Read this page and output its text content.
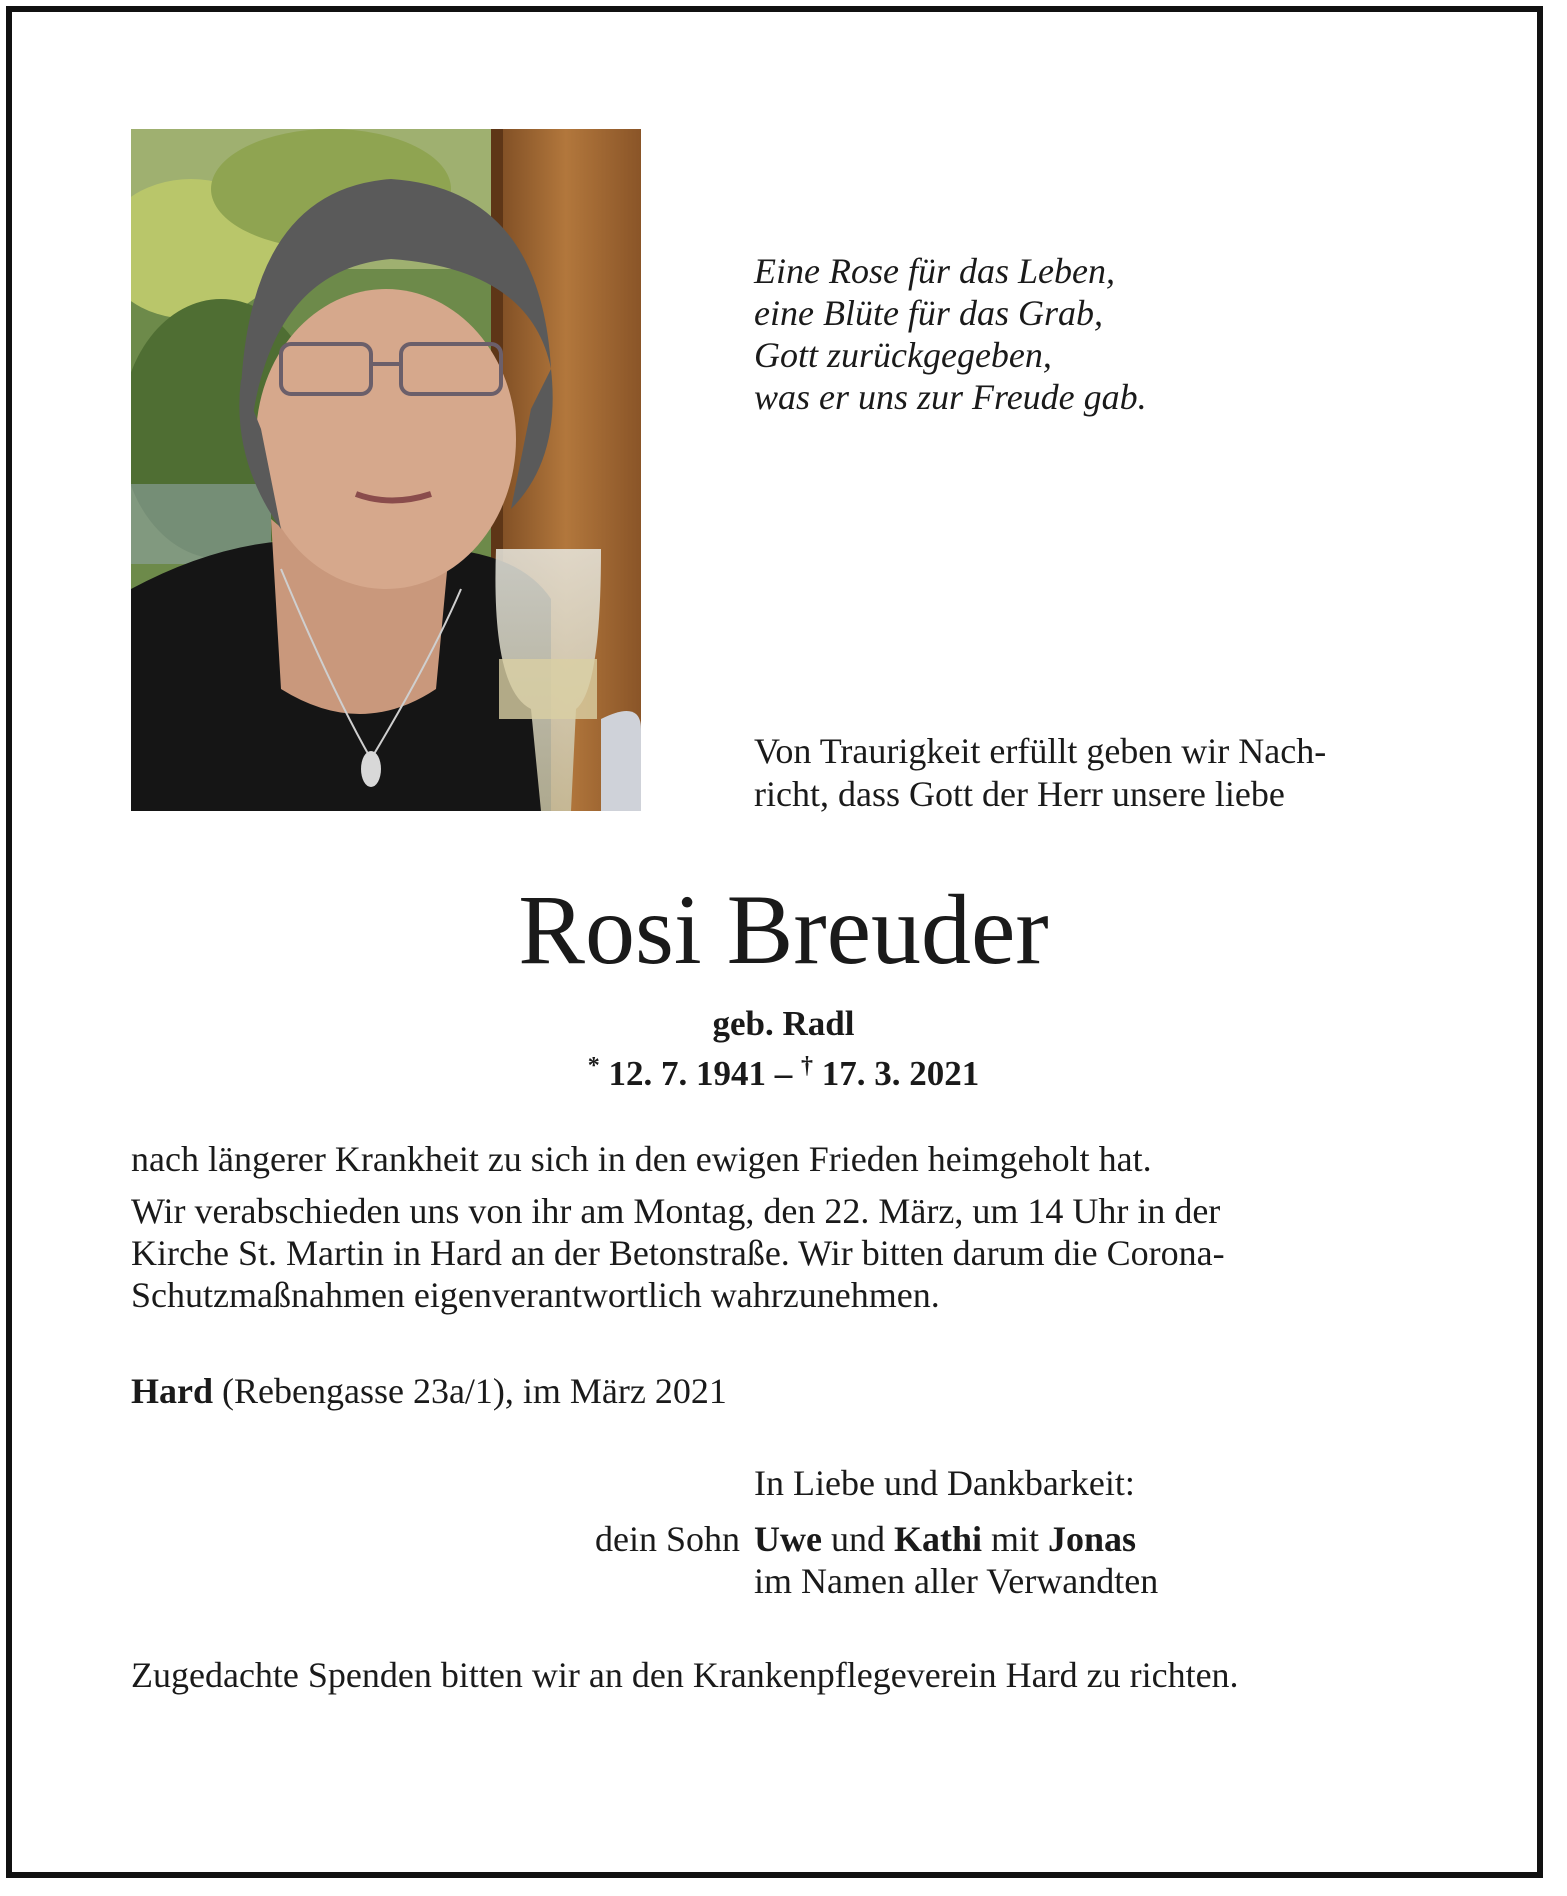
Eine Rose für das Leben,
eine Blüte für das Grab,
Gott zurückgegeben,
was er uns zur Freude gab.
Von Traurigkeit erfüllt geben wir Nach-
richt, dass Gott der Herr unsere liebe
Rosi Breuder
geb. Radl
* 12. 7. 1941 – † 17. 3. 2021
nach längerer Krankheit zu sich in den ewigen Frieden heimgeholt hat.
Wir verabschieden uns von ihr am Montag, den 22. März, um 14 Uhr in der
Kirche St. Martin in Hard an der Betonstraße. Wir bitten darum die Corona-
Schutzmaßnahmen eigenverantwortlich wahrzunehmen.
Hard (Rebengasse 23a/1), im März 2021
In Liebe und Dankbarkeit:
dein Sohn Uwe und Kathi mit Jonas
im Namen aller Verwandten
Zugedachte Spenden bitten wir an den Krankenpflegeverein Hard zu richten.
